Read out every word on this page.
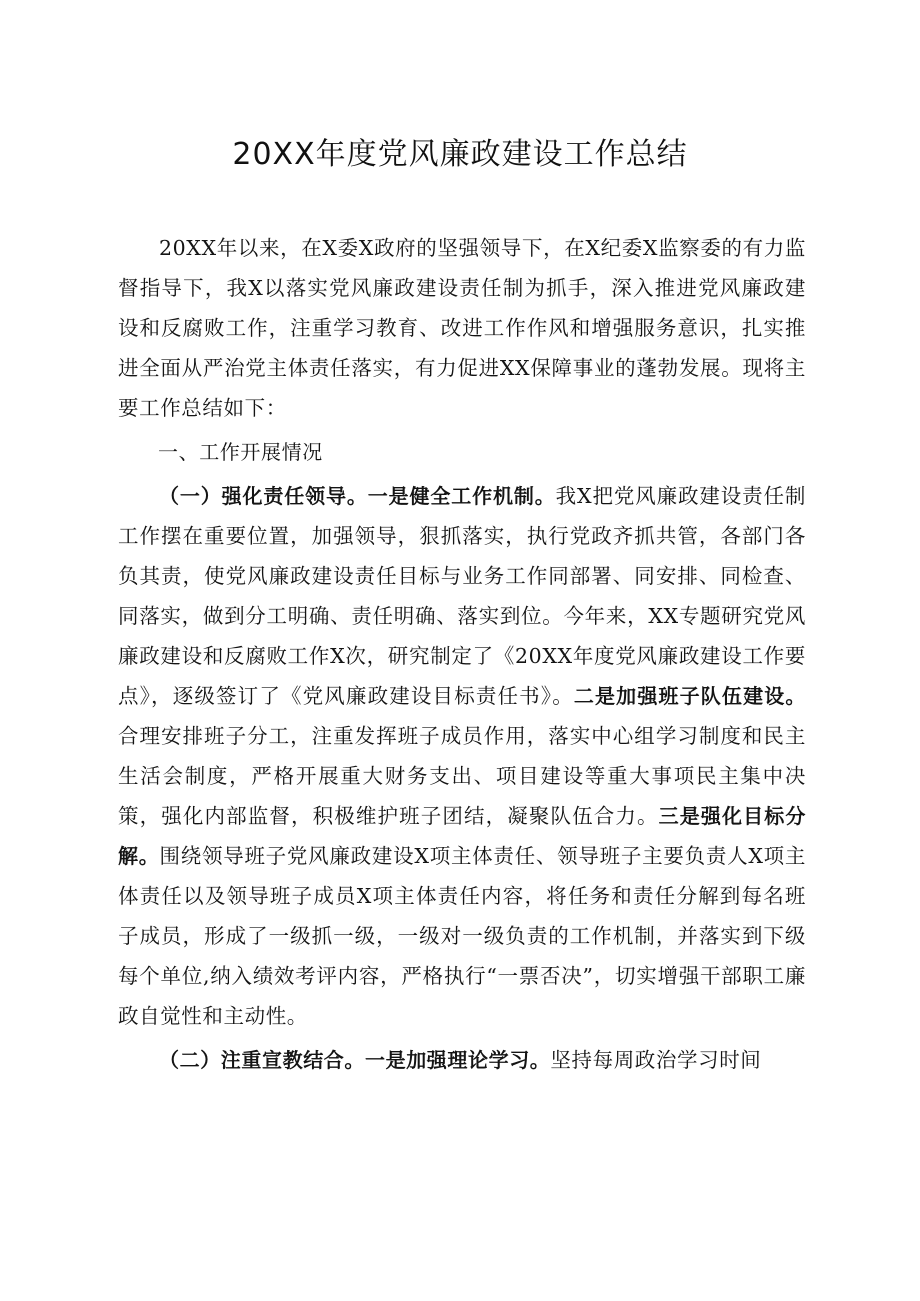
20XX年度党风廉政建设工作总结

20XX年以来，在X委X政府的坚强领导下，在X纪委X监察委的有力监督指导下，我X以落实党风廉政建设责任制为抓手，深入推进党风廉政建设和反腐败工作，注重学习教育、改进工作作风和增强服务意识，扎实推进全面从严治党主体责任落实，有力促进XX保障事业的蓬勃发展。现将主要工作总结如下：

一、工作开展情况

（一）强化责任领导。一是健全工作机制。我X把党风廉政建设责任制工作摆在重要位置，加强领导，狠抓落实，执行党政齐抓共管，各部门各负其责，使党风廉政建设责任目标与业务工作同部署、同安排、同检查、同落实，做到分工明确、责任明确、落实到位。今年来，XX专题研究党风廉政建设和反腐败工作X次，研究制定了《20XX年度党风廉政建设工作要点》，逐级签订了《党风廉政建设目标责任书》。二是加强班子队伍建设。合理安排班子分工，注重发挥班子成员作用，落实中心组学习制度和民主生活会制度，严格开展重大财务支出、项目建设等重大事项民主集中决策，强化内部监督，积极维护班子团结，凝聚队伍合力。三是强化目标分解。围绕领导班子党风廉政建设X项主体责任、领导班子主要负责人X项主体责任以及领导班子成员X项主体责任内容，将任务和责任分解到每名班子成员，形成了一级抓一级，一级对一级负责的工作机制，并落实到下级每个单位,纳入绩效考评内容，严格执行“一票否决”，切实增强干部职工廉政自觉性和主动性。

（二）注重宣教结合。一是加强理论学习。坚持每周政治学习时间
